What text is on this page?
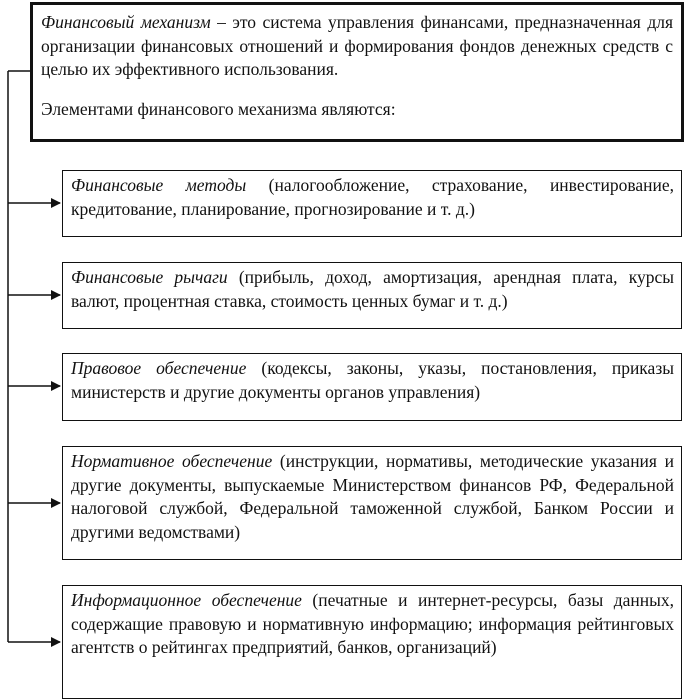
Финансовый механизм – это система управления финансами, предназначенная для организации финансовых отношений и формирования фондов денежных средств с целью их эффективного использования.

Элементами финансового механизма являются:

Финансовые методы (налогообложение, страхование, инвестирование, кредитование, планирование, прогнозирование и т. д.)
Финансовые рычаги (прибыль, доход, амортизация, арендная плата, курсы валют, процентная ставка, стоимость ценных бумаг и т. д.)
Правовое обеспечение (кодексы, законы, указы, постановления, приказы министерств и другие документы органов управления)
Нормативное обеспечение (инструкции, нормативы, методические указания и другие документы, выпускаемые Министерством финансов РФ, Федеральной налоговой службой, Федеральной таможенной службой, Банком России и другими ведомствами)
Информационное обеспечение (печатные и интернет-ресурсы, базы данных, содержащие правовую и нормативную информацию; информация рейтинговых агентств о рейтингах предприятий, банков, организаций)
